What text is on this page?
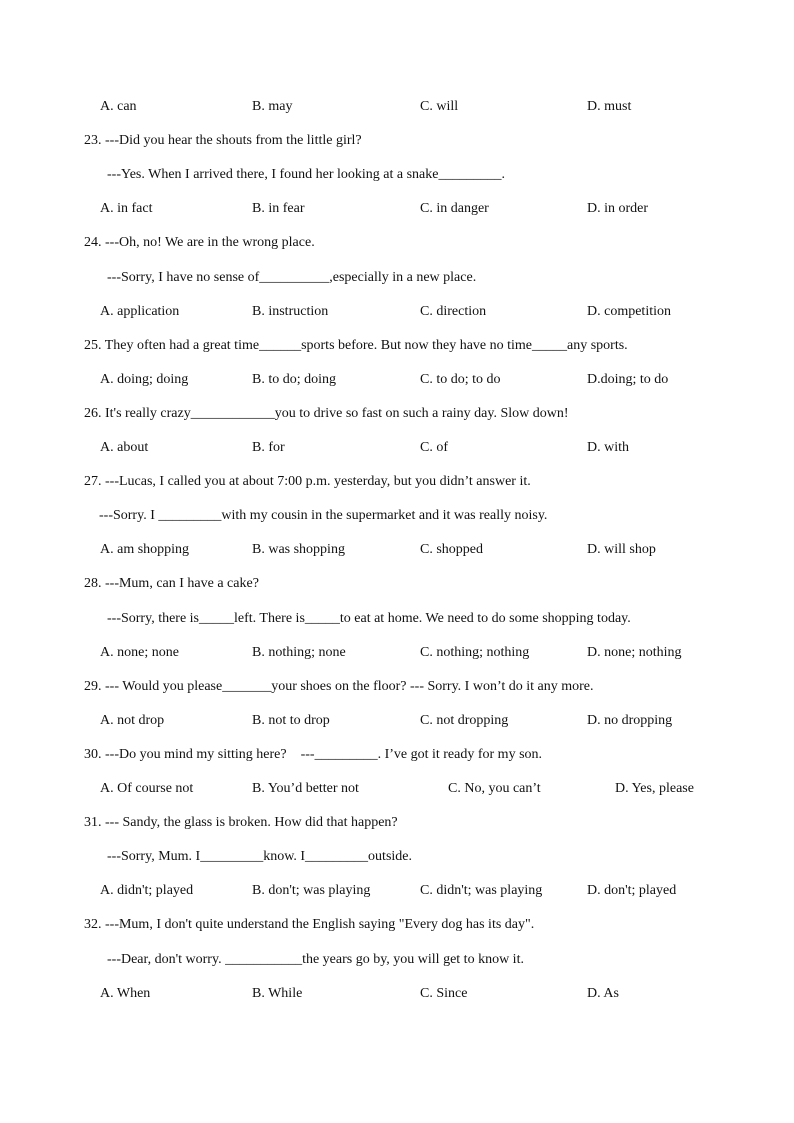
A. can	B. may	C. will	D. must
23. ---Did you hear the shouts from the little girl?
---Yes. When I arrived there, I found her looking at a snake_________.
A. in fact	B. in fear	C. in danger	D. in order
24. ---Oh, no! We are in the wrong place.
---Sorry, I have no sense of__________,especially in a new place.
A. application	B. instruction	C. direction	D. competition
25. They often had a great time______sports before. But now they have no time_____any sports.
A. doing; doing	B. to do; doing	C. to do; to do	D.doing; to do
26. It's really crazy____________you to drive so fast on such a rainy day. Slow down!
A. about	B. for	C. of	D. with
27. ---Lucas, I called you at about 7:00 p.m. yesterday, but you didn’t answer it.
---Sorry. I _________with my cousin in the supermarket and it was really noisy.
A. am shopping	B. was shopping	C. shopped	D. will shop
28. ---Mum, can I have a cake?
---Sorry, there is_____left. There is_____to eat at home. We need to do some shopping today.
A. none; none	B. nothing; none	C. nothing; nothing	D. none; nothing
29. --- Would you please_______your shoes on the floor? --- Sorry. I won’t do it any more.
A. not drop	B. not to drop	C. not dropping	D. no dropping
30. ---Do you mind my sitting here?    ---_________. I’ve got it ready for my son.
A. Of course not	B. You’d better not	C. No, you can’t	D. Yes, please
31. --- Sandy, the glass is broken. How did that happen?
---Sorry, Mum. I_________know. I_________outside.
A. didn't; played	B. don't; was playing	C. didn't; was playing	D. don't; played
32. ---Mum, I don't quite understand the English saying "Every dog has its day".
---Dear, don't worry. ___________the years go by, you will get to know it.
A. When	B. While	C. Since	D. As
